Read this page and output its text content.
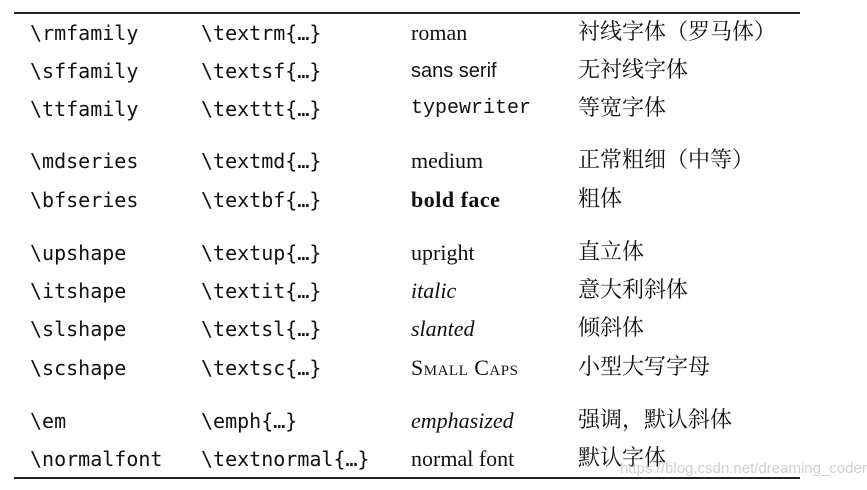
\rmfamily	\textrm{…}	roman	衬线字体（罗马体）
\sffamily	\textsf{…}	sans serif	无衬线字体
\ttfamily	\texttt{…}	typewriter 等宽字体
\mdseries	\textmd{…}	medium	正常粗细（中等）
\bfseries	\textbf{…}	bold face	粗体
\upshape	\textup{…}	upright	直立体
\itshape	\textit{…}	italic	意大利斜体
\slshape	\textsl{…}	slanted	倾斜体
\scshape	\textsc{…}	Small Caps	小型大写字母
\em	\emph{…}	emphasized	强调，默认斜体
\normalfont \textnormal{…} normal font	默认字体
https://blog.csdn.net/dreaming_coder
